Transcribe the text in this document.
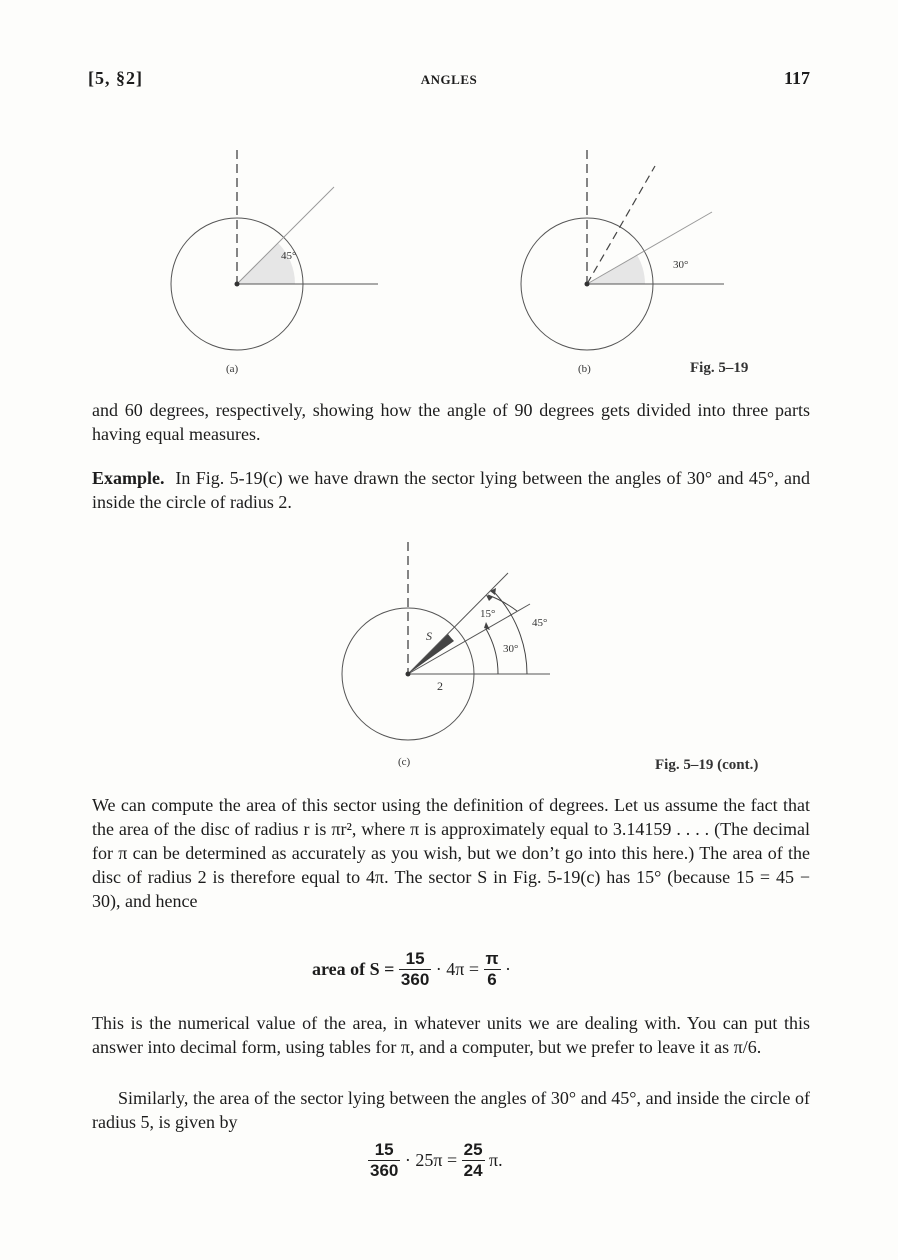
[5, §2]	ANGLES	117
45°
(a)
30°
(b)	Fig. 5–19

and 60 degrees, respectively, showing how the angle of 90 degrees gets divided into three parts having equal measures.

Example. In Fig. 5-19(c) we have drawn the sector lying between the angles of 30° and 45°, and inside the circle of radius 2.

15°
30°
45°
S
2
(c)	Fig. 5–19 (cont.)

We can compute the area of this sector using the definition of degrees. Let us assume the fact that the area of the disc of radius r is πr², where π is approximately equal to 3.14159 . . . . (The decimal for π can be determined as accurately as you wish, but we don’t go into this here.) The area of the disc of radius 2 is therefore equal to 4π. The sector S in Fig. 5-19(c) has 15° (because 15 = 45 − 30), and hence

area of $S = \frac{15}{360} \cdot 4\pi = \frac{\pi}{6}$ ·

This is the numerical value of the area, in whatever units we are dealing with. You can put this answer into decimal form, using tables for π, and a computer, but we prefer to leave it as π/6.

Similarly, the area of the sector lying between the angles of 30° and 45°, and inside the circle of radius 5, is given by

$\frac{15}{360} \cdot 25\pi = \frac{25}{24} \pi$.
